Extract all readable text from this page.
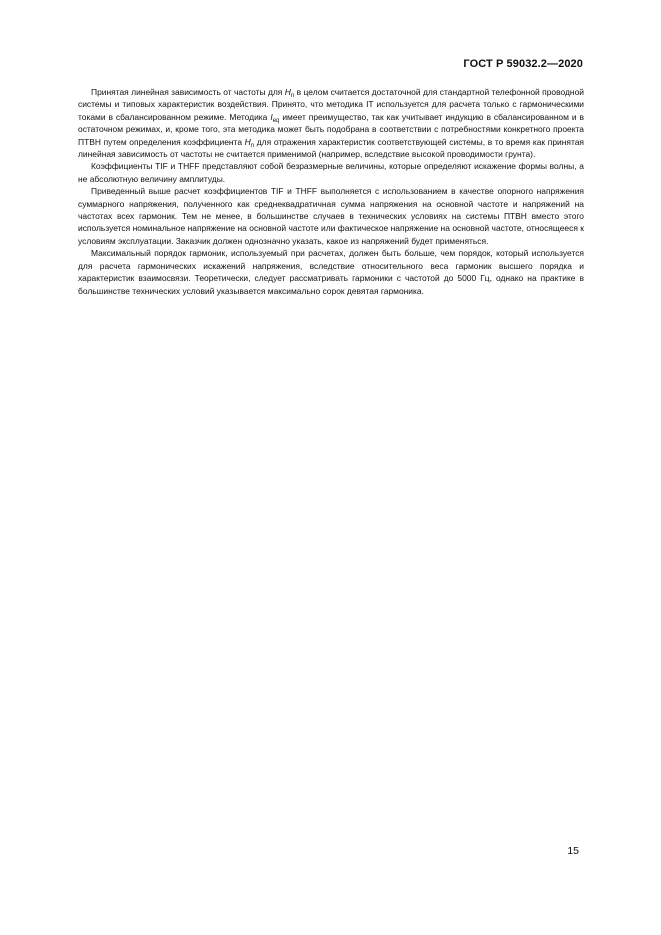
ГОСТ Р 59032.2—2020

Принятая линейная зависимость от частоты для $H_n$ в целом считается достаточной для стандартной телефонной проводной системы и типовых характеристик воздействия. Принято, что методика IT используется для расчета только с гармоническими токами в сбалансированном режиме. Методика $I_{eq}$ имеет преимущество, так как учитывает индукцию в сбалансированном и в остаточном режимах, и, кроме того, эта методика может быть подобрана в соответствии с потребностями конкретного проекта ПТВН путем определения коэффициента $H_n$ для отражения характеристик соответствующей системы, в то время как принятая линейная зависимость от частоты не считается применимой (например, вследствие высокой проводимости грунта).

Коэффициенты TIF и THFF представляют собой безразмерные величины, которые определяют искажение формы волны, а не абсолютную величину амплитуды.

Приведенный выше расчет коэффициентов TIF и THFF выполняется с использованием в качестве опорного напряжения суммарного напряжения, полученного как среднеквадратичная сумма напряжения на основной частоте и напряжений на частотах всех гармоник. Тем не менее, в большинстве случаев в технических условиях на системы ПТВН вместо этого используется номинальное напряжение на основной частоте или фактическое напряжение на основной частоте, относящееся к условиям эксплуатации. Заказчик должен однозначно указать, какое из напряжений будет применяться.

Максимальный порядок гармоник, используемый при расчетах, должен быть больше, чем порядок, который используется для расчета гармонических искажений напряжения, вследствие относительного веса гармоник высшего порядка и характеристик взаимосвязи. Теоретически, следует рассматривать гармоники с частотой до 5000 Гц, однако на практике в большинстве технических условий указывается максимально сорок девятая гармоника.

15
